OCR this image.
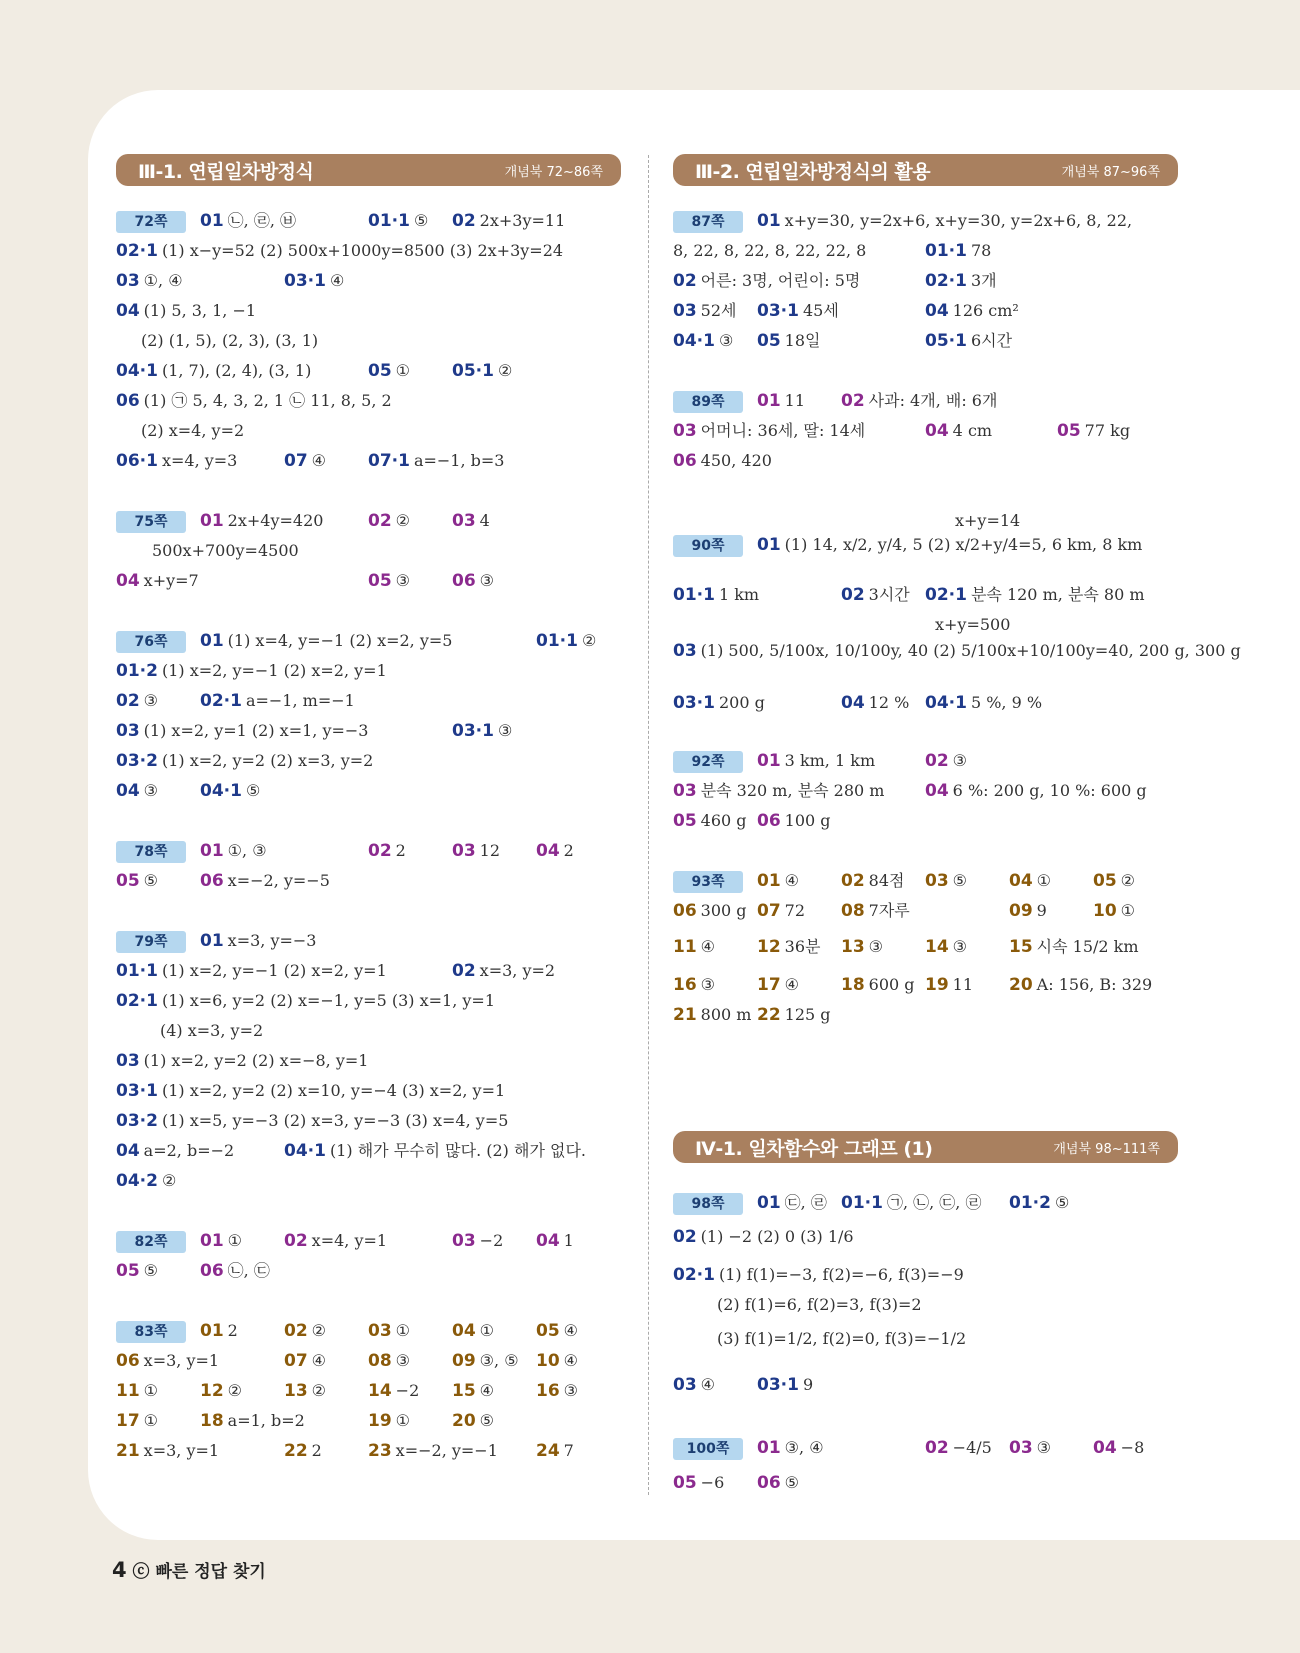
Ⅲ-1. 연립일차방정식	개념북 72~86쪽	Ⅲ-2. 연립일차방정식의 활용	개념북 87~96쪽
Ⅳ-1. 일차함수와 그래프 (1)	개념북 98~111쪽
72쪽	01 ㉡, ㉣, ㉥	01·1 ⑤ 02 2x+3y=11
02·1 (1) x−y=52 (2) 500x+1000y=8500 (3) 2x+3y=24
03 ①, ④	03·1 ④
04 (1) 5, 3, 1, −1
(2) (1, 5), (2, 3), (3, 1)
04·1 (1, 7), (2, 4), (3, 1)	05 ① 05·1 ②
06 (1) ㉠ 5, 4, 3, 2, 1 ㉡ 11, 8, 5, 2
(2) x=4, y=2
06·1 x=4, y=3	07 ④ 07·1 a=−1, b=3
75쪽	01 2x+4y=420	02 ② 03 4
500x+700y=4500
04 x+y=7	05 ③ 06 ③
76쪽	01 (1) x=4, y=−1 (2) x=2, y=5	01·1 ②
01·2 (1) x=2, y=−1 (2) x=2, y=1
02 ③ 02·1 a=−1, m=−1
03 (1) x=2, y=1 (2) x=1, y=−3	03·1 ③
03·2 (1) x=2, y=2 (2) x=3, y=2
04 ③ 04·1 ⑤
78쪽	01 ①, ③	02 2	03 12 04 2
05 ⑤ 06 x=−2, y=−5
79쪽	01 x=3, y=−3
01·1 (1) x=2, y=−1 (2) x=2, y=1	02 x=3, y=2
02·1 (1) x=6, y=2 (2) x=−1, y=5 (3) x=1, y=1
(4) x=3, y=2
03 (1) x=2, y=2 (2) x=−8, y=1
03·1 (1) x=2, y=2 (2) x=10, y=−4 (3) x=2, y=1
03·2 (1) x=5, y=−3 (2) x=3, y=−3 (3) x=4, y=5
04 a=2, b=−2	04·1 (1) 해가 무수히 많다. (2) 해가 없다.
04·2 ②
82쪽	01 ① 02 x=4, y=1	03 −2 04 1
05 ⑤ 06 ㉡, ㉢
83쪽	01 2	02 ② 03 ① 04 ① 05 ④
06 x=3, y=1	07 ④ 08 ③ 09 ③, ⑤ 10 ④
11 ① 12 ② 13 ② 14 −2 15 ④ 16 ③
17 ① 18 a=1, b=2	19 ① 20 ⑤
21 x=3, y=1	22 2	23 x=−2, y=−1 24 7
87쪽	01 x+y=30, y=2x+6, x+y=30, y=2x+6, 8, 22,
8, 22, 8, 22, 8, 22, 22, 8	01·1 78
02 어른: 3명, 어린이: 5명	02·1 3개
03 52세 03·1 45세	04 126 cm²
04·1 ③ 05 18일	05·1 6시간
89쪽	01 11 02 사과: 4개, 배: 6개
03 어머니: 36세, 딸: 14세	04 4 cm	05 77 kg
06 450, 420
x+y=14
90쪽	01 (1) 14, x/2, y/4, 5 (2) x/2+y/4=5, 6 km, 8 km
01·1 1 km	02 3시간 02·1 분속 120 m, 분속 80 m
x+y=500
03 (1) 500, 5/100x, 10/100y, 40 (2) 5/100x+10/100y=40, 200 g, 300 g
03·1 200 g	04 12 % 04·1 5 %, 9 %
92쪽	01 3 km, 1 km	02 ③
03 분속 320 m, 분속 280 m 04 6 %: 200 g, 10 %: 600 g
05 460 g 06 100 g
93쪽	01 ④ 02 84점 03 ⑤ 04 ① 05 ②
06 300 g 07 72 08 7자루	09 9	10 ①
11 ④ 12 36분 13 ③ 14 ③ 15 시속 15/2 km
16 ③ 17 ④ 18 600 g 19 11 20 A: 156, B: 329
21 800 m 22 125 g
98쪽	01 ㉢, ㉣ 01·1 ㉠, ㉡, ㉢, ㉣ 01·2 ⑤
02 (1) −2 (2) 0 (3) 1/6
02·1 (1) f(1)=−3, f(2)=−6, f(3)=−9
(2) f(1)=6, f(2)=3, f(3)=2
(3) f(1)=1/2, f(2)=0, f(3)=−1/2
03 ④ 03·1 9
100쪽	01 ③, ④	02 −4/5 03 ③ 04 −8
05 −6 06 ⑤
4 ⓒ 빠른 정답 찾기
